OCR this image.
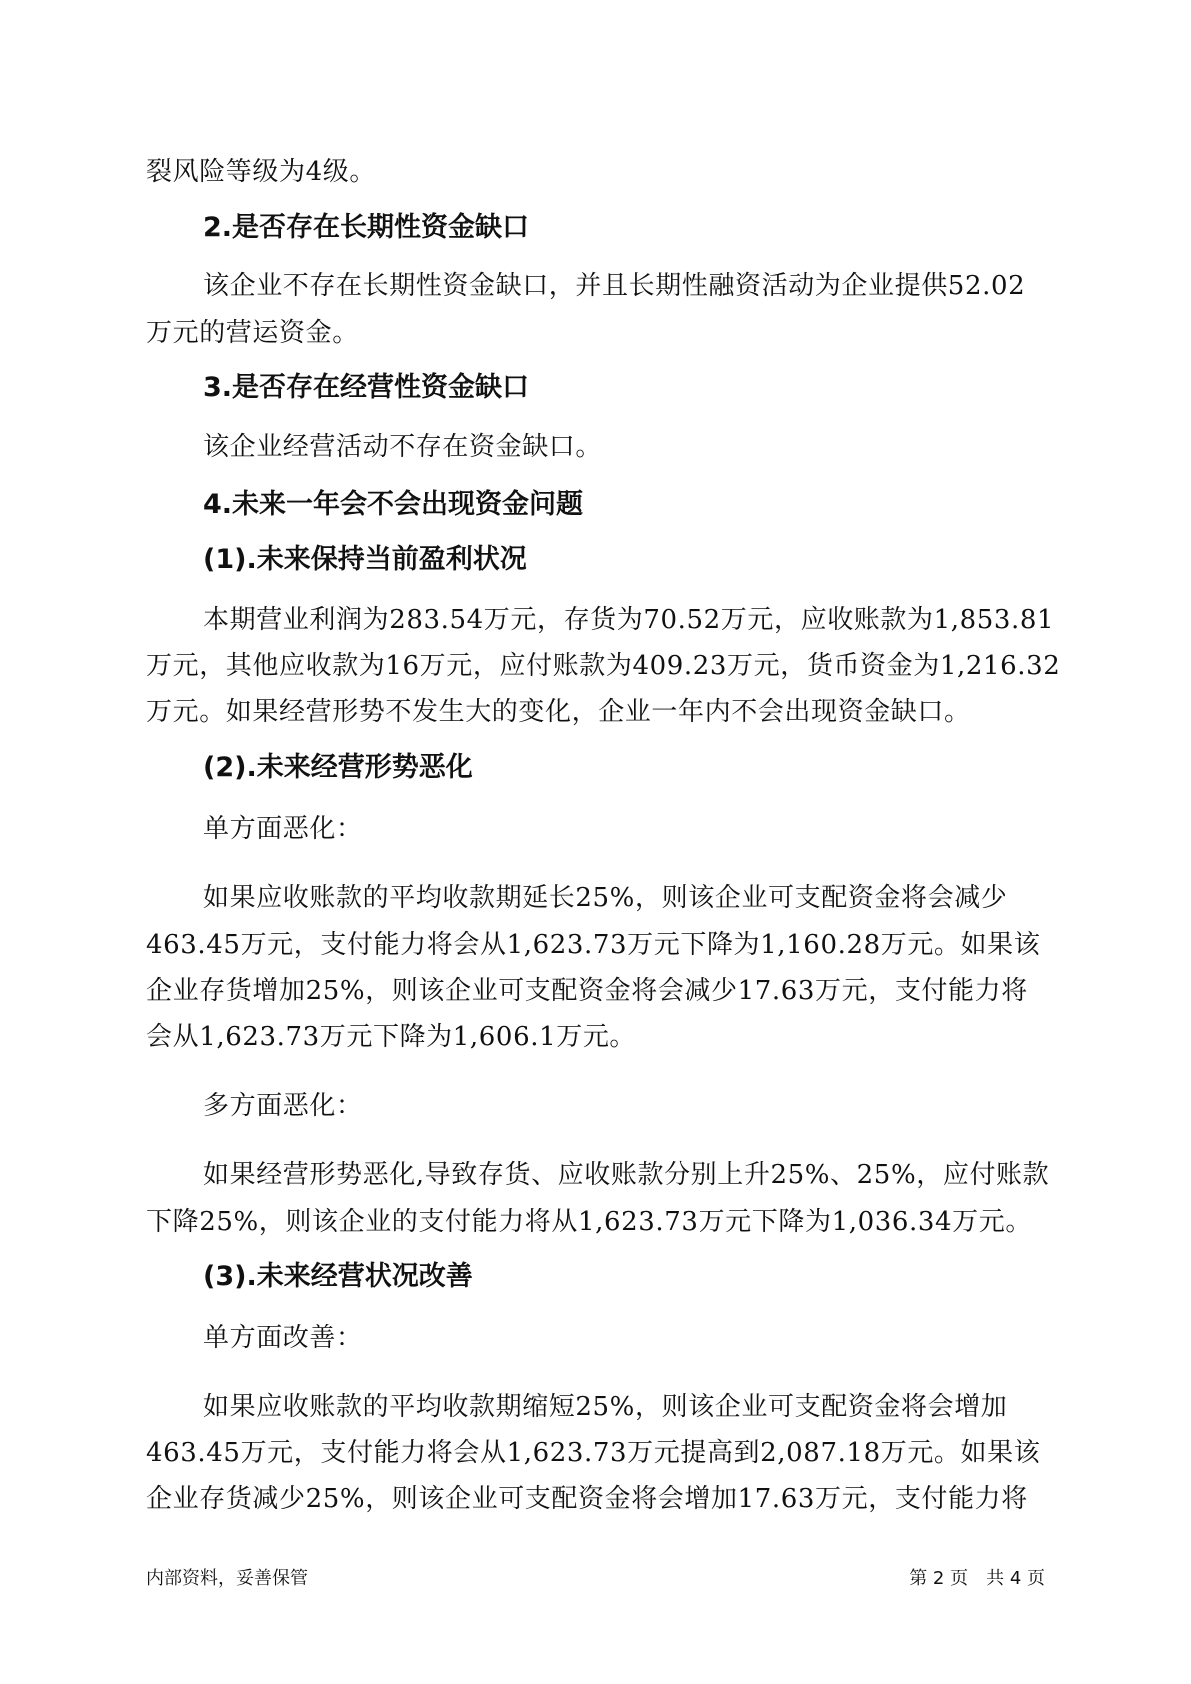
裂风险等级为4级。
2.是否存在长期性资金缺口
该企业不存在长期性资金缺口，并且长期性融资活动为企业提供52.02
万元的营运资金。
3.是否存在经营性资金缺口
该企业经营活动不存在资金缺口。
4.未来一年会不会出现资金问题
(1).未来保持当前盈利状况
本期营业利润为283.54万元，存货为70.52万元，应收账款为1,853.81
万元，其他应收款为16万元，应付账款为409.23万元，货币资金为1,216.32
万元。如果经营形势不发生大的变化，企业一年内不会出现资金缺口。
(2).未来经营形势恶化
单方面恶化：
如果应收账款的平均收款期延长25%，则该企业可支配资金将会减少
463.45万元，支付能力将会从1,623.73万元下降为1,160.28万元。如果该
企业存货增加25%，则该企业可支配资金将会减少17.63万元，支付能力将
会从1,623.73万元下降为1,606.1万元。
多方面恶化：
如果经营形势恶化,导致存货、应收账款分别上升25%、25%，应付账款
下降25%，则该企业的支付能力将从1,623.73万元下降为1,036.34万元。
(3).未来经营状况改善
单方面改善：
如果应收账款的平均收款期缩短25%，则该企业可支配资金将会增加
463.45万元，支付能力将会从1,623.73万元提高到2,087.18万元。如果该
企业存货减少25%，则该企业可支配资金将会增加17.63万元，支付能力将
内部资料，妥善保管	第 2 页　共 4 页
